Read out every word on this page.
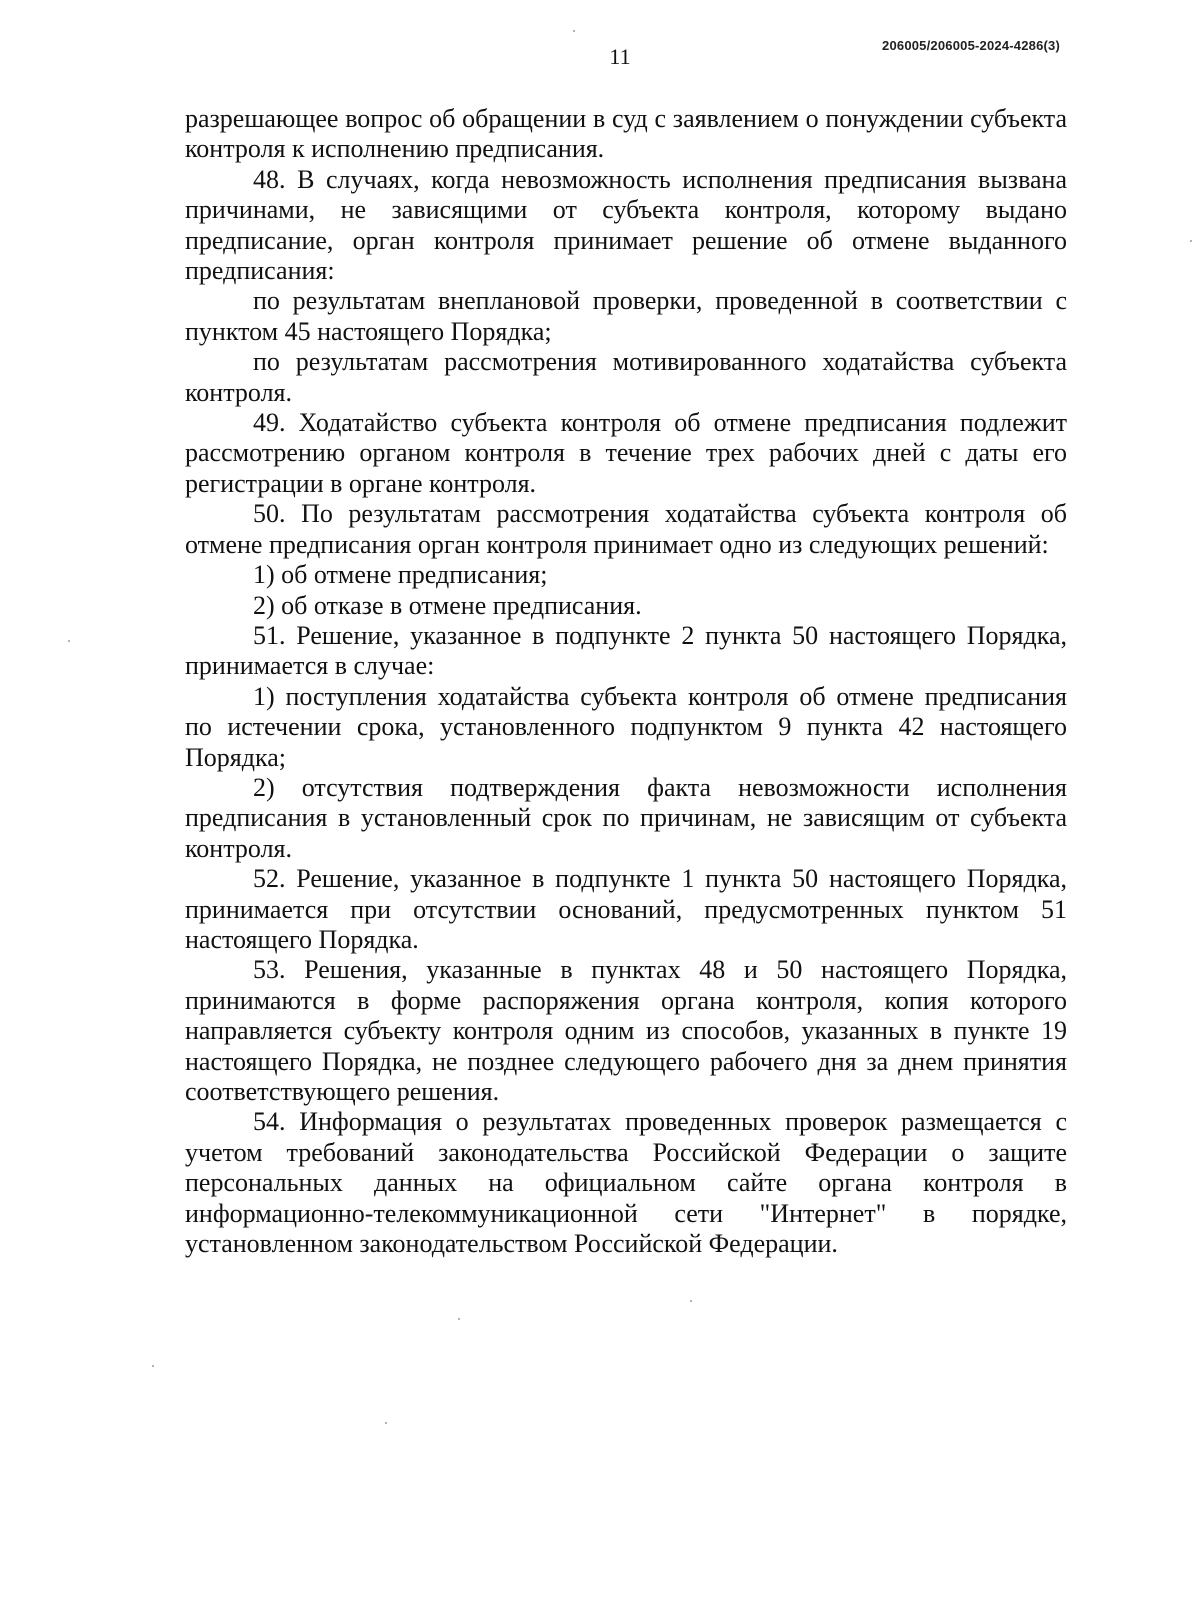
206005/206005-2024-4286(3)
11

разрешающее вопрос об обращении в суд с заявлением о понуждении субъекта контроля к исполнению предписания.

48. В случаях, когда невозможность исполнения предписания вызвана причинами, не зависящими от субъекта контроля, которому выдано предписание, орган контроля принимает решение об отмене выданного предписания:

по результатам внеплановой проверки, проведенной в соответствии с пунктом 45 настоящего Порядка;

по результатам рассмотрения мотивированного ходатайства субъекта контроля.

49. Ходатайство субъекта контроля об отмене предписания подлежит рассмотрению органом контроля в течение трех рабочих дней с даты его регистрации в органе контроля.

50. По результатам рассмотрения ходатайства субъекта контроля об отмене предписания орган контроля принимает одно из следующих решений:

1) об отмене предписания;

2) об отказе в отмене предписания.

51. Решение, указанное в подпункте 2 пункта 50 настоящего Порядка, принимается в случае:

1) поступления ходатайства субъекта контроля об отмене предписания по истечении срока, установленного подпунктом 9 пункта 42 настоящего Порядка;

2) отсутствия подтверждения факта невозможности исполнения предписания в установленный срок по причинам, не зависящим от субъекта контроля.

52. Решение, указанное в подпункте 1 пункта 50 настоящего Порядка, принимается при отсутствии оснований, предусмотренных пунктом 51 настоящего Порядка.

53. Решения, указанные в пунктах 48 и 50 настоящего Порядка, принимаются в форме распоряжения органа контроля, копия которого направляется субъекту контроля одним из способов, указанных в пункте 19 настоящего Порядка, не позднее следующего рабочего дня за днем принятия соответствующего решения.

54. Информация о результатах проведенных проверок размещается с учетом требований законодательства Российской Федерации о защите персональных данных на официальном сайте органа контроля в информационно-телекоммуникационной сети "Интернет" в порядке, установленном законодательством Российской Федерации.
